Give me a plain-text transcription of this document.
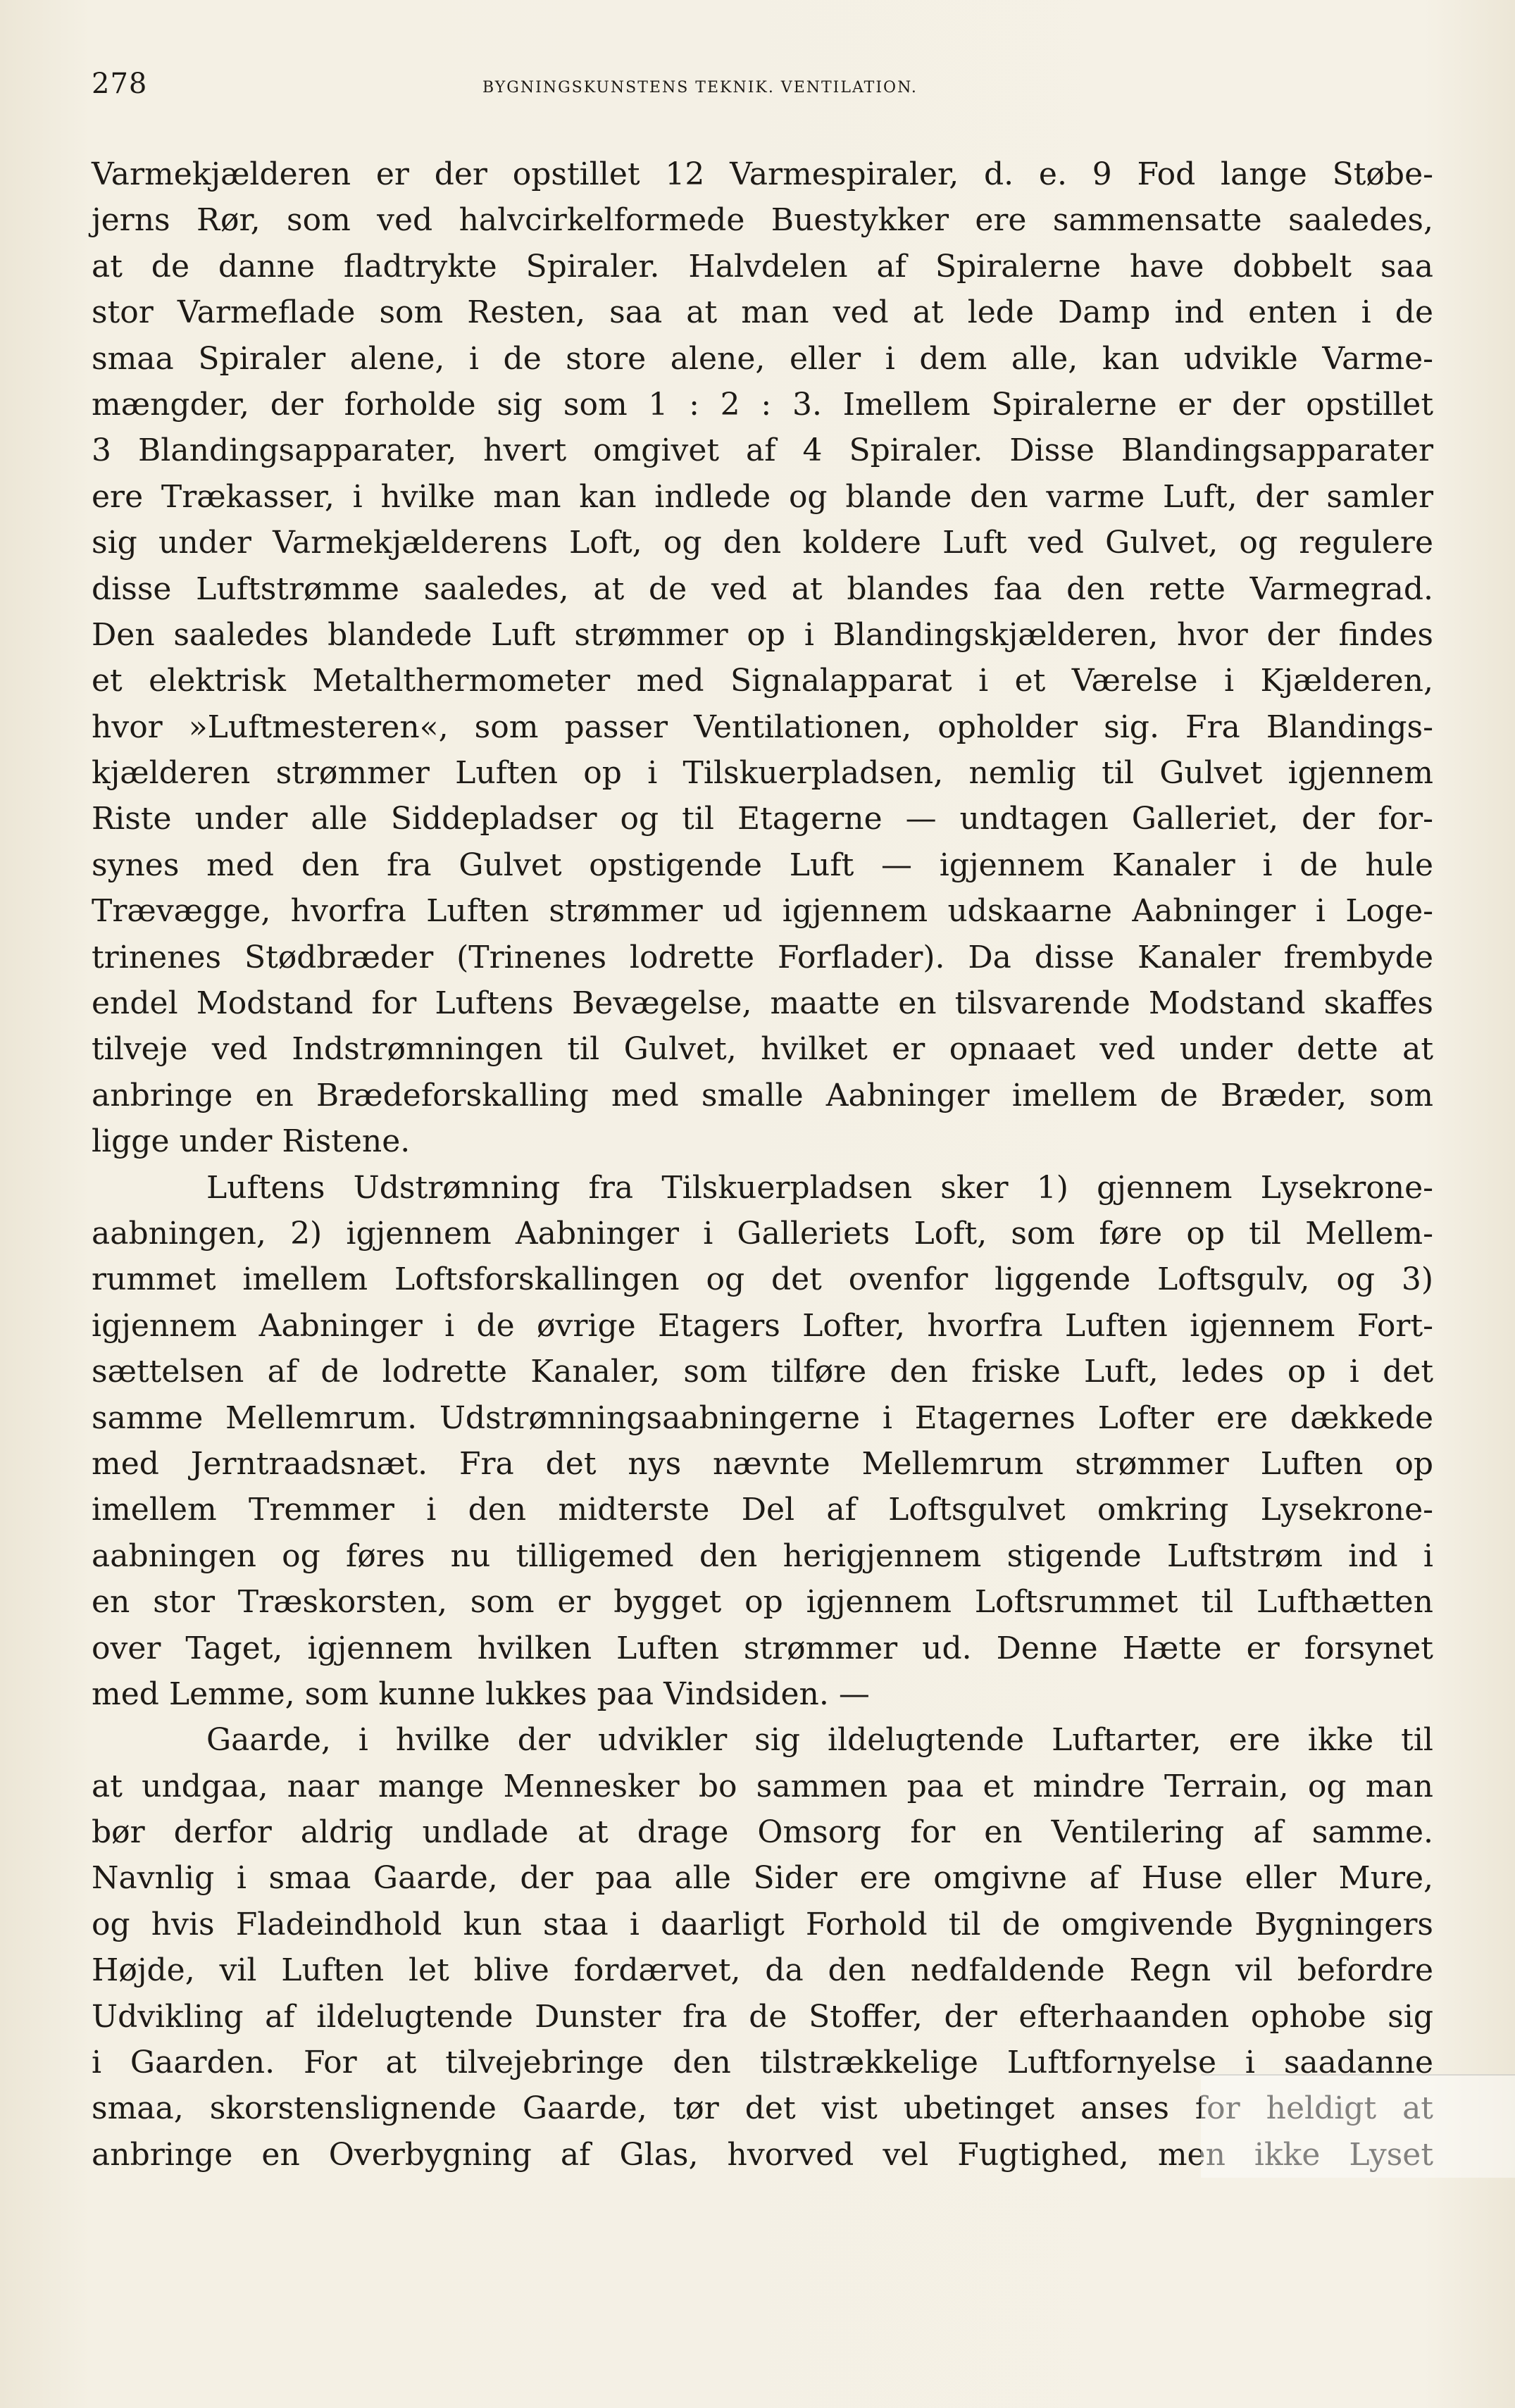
278	BYGNINGSKUNSTENS TEKNIK. VENTILATION.
Varmekjælderen er der opstillet 12 Varmespiraler, d. e. 9 Fod lange Støbe-
jerns Rør, som ved halvcirkelformede Buestykker ere sammensatte saaledes,
at de danne fladtrykte Spiraler. Halvdelen af Spiralerne have dobbelt saa
stor Varmeflade som Resten, saa at man ved at lede Damp ind enten i de
smaa Spiraler alene, i de store alene, eller i dem alle, kan udvikle Varme-
mængder, der forholde sig som 1 : 2 : 3. Imellem Spiralerne er der opstillet
3 Blandingsapparater, hvert omgivet af 4 Spiraler. Disse Blandingsapparater
ere Trækasser, i hvilke man kan indlede og blande den varme Luft, der samler
sig under Varmekjælderens Loft, og den koldere Luft ved Gulvet, og regulere
disse Luftstrømme saaledes, at de ved at blandes faa den rette Varmegrad.
Den saaledes blandede Luft strømmer op i Blandingskjælderen, hvor der findes
et elektrisk Metalthermometer med Signalapparat i et Værelse i Kjælderen,
hvor »Luftmesteren«, som passer Ventilationen, opholder sig. Fra Blandings-
kjælderen strømmer Luften op i Tilskuerpladsen, nemlig til Gulvet igjennem
Riste under alle Siddepladser og til Etagerne — undtagen Galleriet, der for-
synes med den fra Gulvet opstigende Luft — igjennem Kanaler i de hule
Trævægge, hvorfra Luften strømmer ud igjennem udskaarne Aabninger i Loge-
trinenes Stødbræder (Trinenes lodrette Forflader). Da disse Kanaler frembyde
endel Modstand for Luftens Bevægelse, maatte en tilsvarende Modstand skaffes
tilveje ved Indstrømningen til Gulvet, hvilket er opnaaet ved under dette at
anbringe en Brædeforskalling med smalle Aabninger imellem de Bræder, som
ligge under Ristene.
Luftens Udstrømning fra Tilskuerpladsen sker 1) gjennem Lysekrone-
aabningen, 2) igjennem Aabninger i Galleriets Loft, som føre op til Mellem-
rummet imellem Loftsforskallingen og det ovenfor liggende Loftsgulv, og 3)
igjennem Aabninger i de øvrige Etagers Lofter, hvorfra Luften igjennem Fort-
sættelsen af de lodrette Kanaler, som tilføre den friske Luft, ledes op i det
samme Mellemrum. Udstrømningsaabningerne i Etagernes Lofter ere dækkede
med Jerntraadsnæt. Fra det nys nævnte Mellemrum strømmer Luften op
imellem Tremmer i den midterste Del af Loftsgulvet omkring Lysekrone-
aabningen og føres nu tilligemed den herigjennem stigende Luftstrøm ind i
en stor Træskorsten, som er bygget op igjennem Loftsrummet til Lufthætten
over Taget, igjennem hvilken Luften strømmer ud. Denne Hætte er forsynet
med Lemme, som kunne lukkes paa Vindsiden. —
Gaarde, i hvilke der udvikler sig ildelugtende Luftarter, ere ikke til
at undgaa, naar mange Mennesker bo sammen paa et mindre Terrain, og man
bør derfor aldrig undlade at drage Omsorg for en Ventilering af samme.
Navnlig i smaa Gaarde, der paa alle Sider ere omgivne af Huse eller Mure,
og hvis Fladeindhold kun staa i daarligt Forhold til de omgivende Bygningers
Højde, vil Luften let blive fordærvet, da den nedfaldende Regn vil befordre
Udvikling af ildelugtende Dunster fra de Stoffer, der efterhaanden ophobe sig
i Gaarden. For at tilvejebringe den tilstrækkelige Luftfornyelse i saadanne
smaa, skorstenslignende Gaarde, tør det vist ubetinget anses for heldigt at
anbringe en Overbygning af Glas, hvorved vel Fugtighed, men ikke Lyset
